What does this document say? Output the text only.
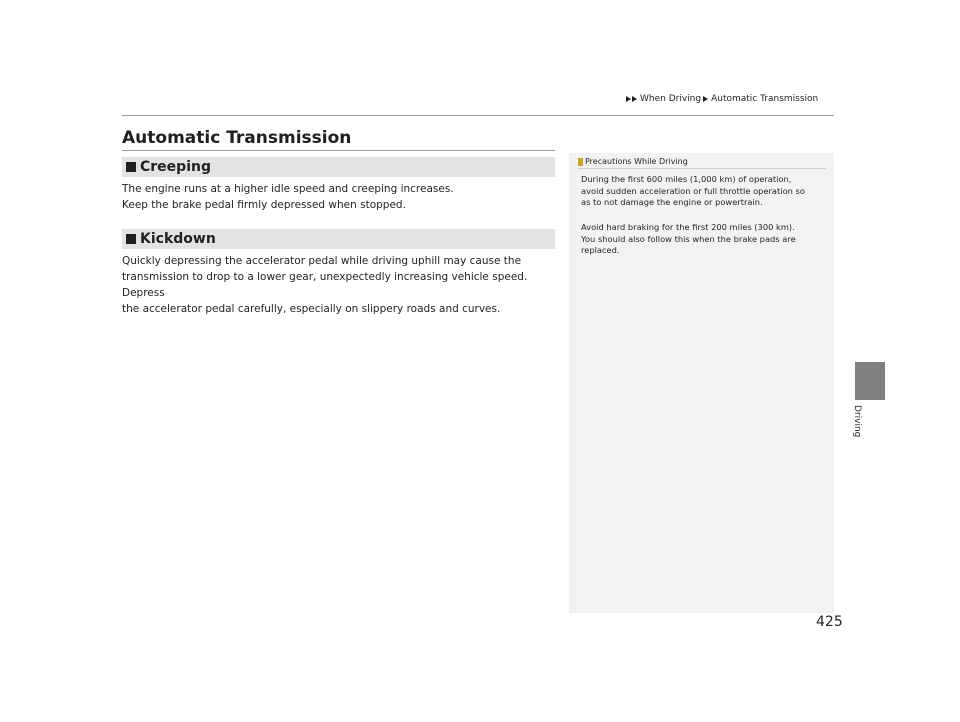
When Driving Automatic Transmission
Automatic Transmission
Creeping

The engine runs at a higher idle speed and creeping increases.
Keep the brake pedal firmly depressed when stopped.

Kickdown

Quickly depressing the accelerator pedal while driving uphill may cause the
transmission to drop to a lower gear, unexpectedly increasing vehicle speed. Depress
the accelerator pedal carefully, especially on slippery roads and curves.

Precautions While Driving

During the first 600 miles (1,000 km) of operation,
avoid sudden acceleration or full throttle operation so
as to not damage the engine or powertrain.

Avoid hard braking for the first 200 miles (300 km).
You should also follow this when the brake pads are
replaced.

Driving
425
